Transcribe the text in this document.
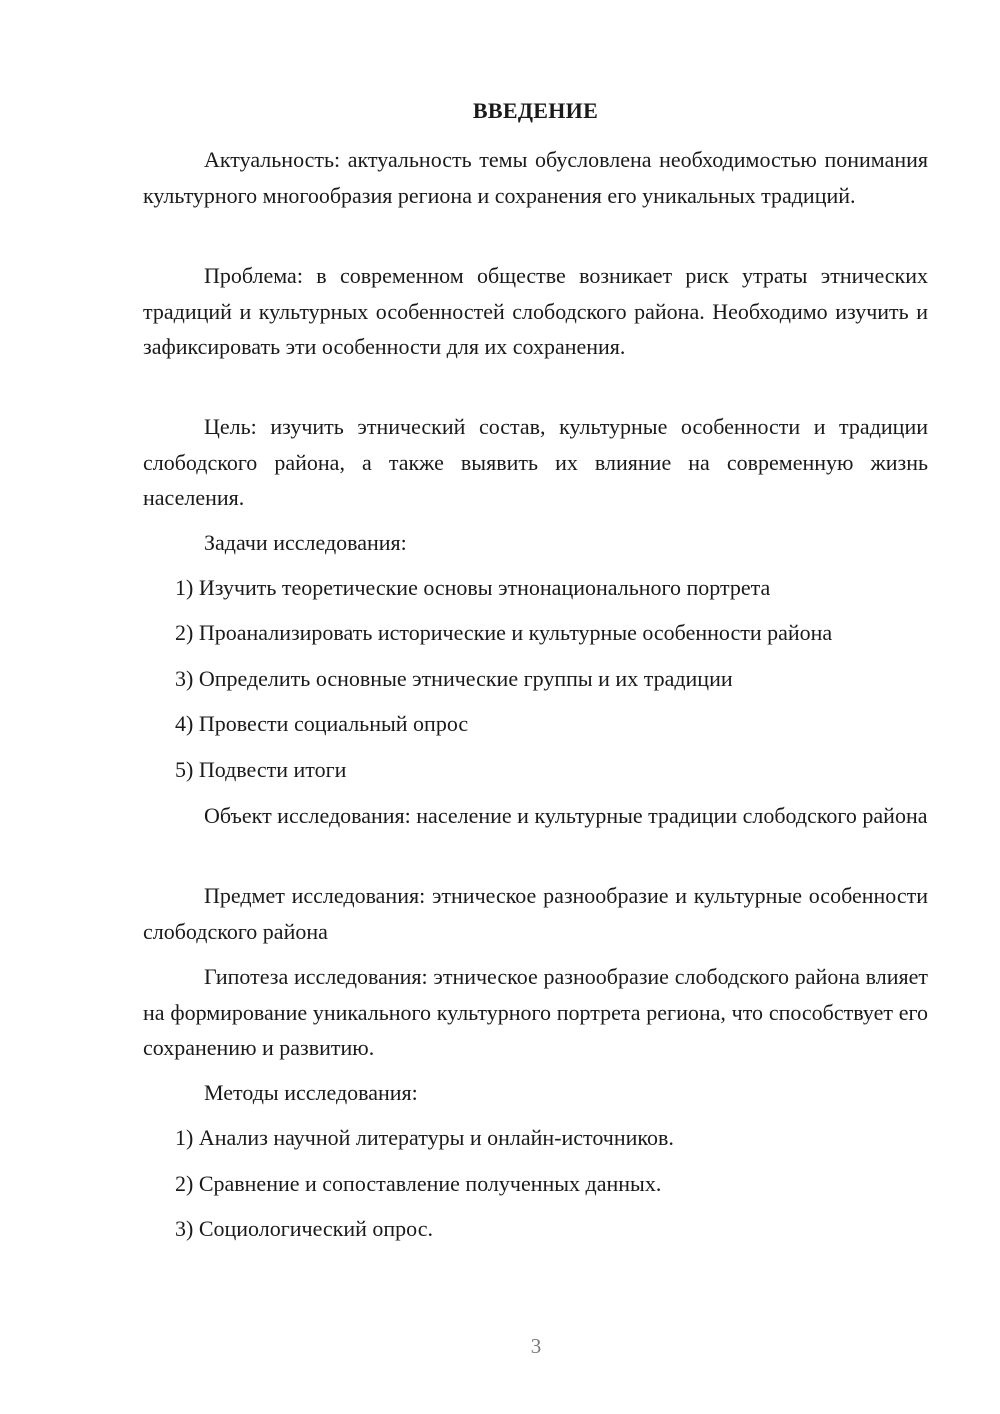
ВВЕДЕНИЕ

Актуальность: актуальность темы обусловлена необходимостью понимания культурного многообразия региона и сохранения его уникальных традиций.

Проблема: в современном обществе возникает риск утраты этнических традиций и культурных особенностей слободского района. Необходимо изучить и зафиксировать эти особенности для их сохранения.

Цель: изучить этнический состав, культурные особенности и традиции слободского района, а также выявить их влияние на современную жизнь населения.

Задачи исследования:

1) Изучить теоретические основы этнонационального портрета

2) Проанализировать исторические и культурные особенности района

3) Определить основные этнические группы и их традиции

4) Провести социальный опрос

5) Подвести итоги

Объект исследования: население и культурные традиции слободского района

Предмет исследования: этническое разнообразие и культурные особенности слободского района

Гипотеза исследования: этническое разнообразие слободского района влияет на формирование уникального культурного портрета региона, что способствует его сохранению и развитию.

Методы исследования:

1) Анализ научной литературы и онлайн-источников.

2) Сравнение и сопоставление полученных данных.

3) Социологический опрос.

3
